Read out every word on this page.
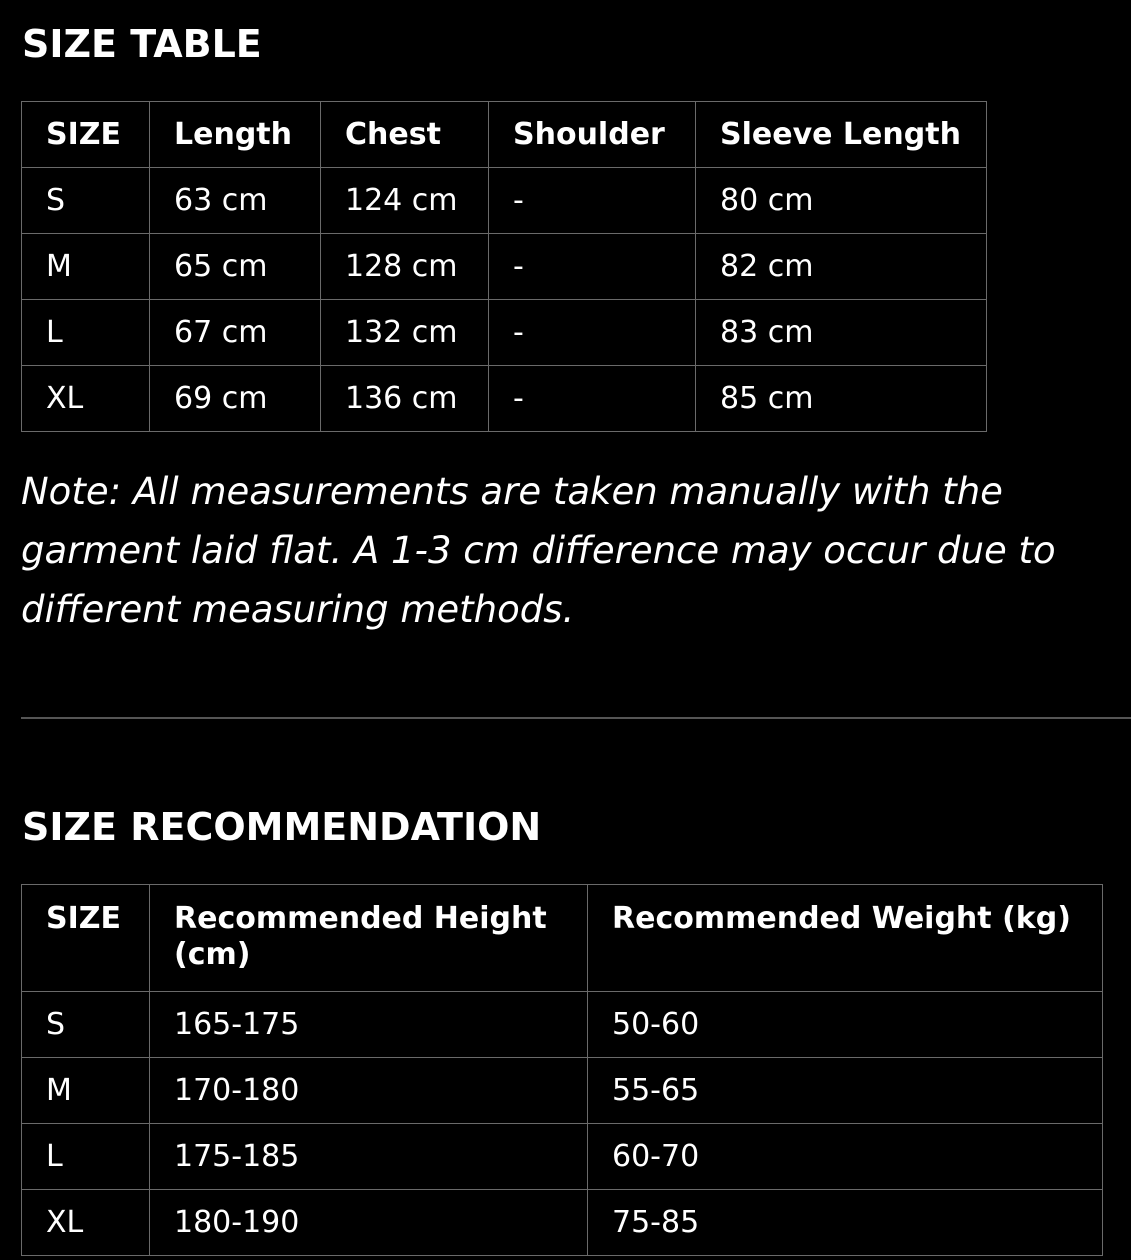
SIZE TABLE
SIZE	Length	Chest	Shoulder	Sleeve Length
S	63 cm	124 cm	-	80 cm
M	65 cm	128 cm	-	82 cm
L	67 cm	132 cm	-	83 cm
XL	69 cm	136 cm	-	85 cm

Note: All measurements are taken manually with the
garment laid flat. A 1-3 cm difference may occur due to
different measuring methods.

SIZE RECOMMENDATION
SIZE	Recommended Height (cm)	Recommended Weight (kg)
S	165-175	50-60
M	170-180	55-65
L	175-185	60-70
XL	180-190	75-85
